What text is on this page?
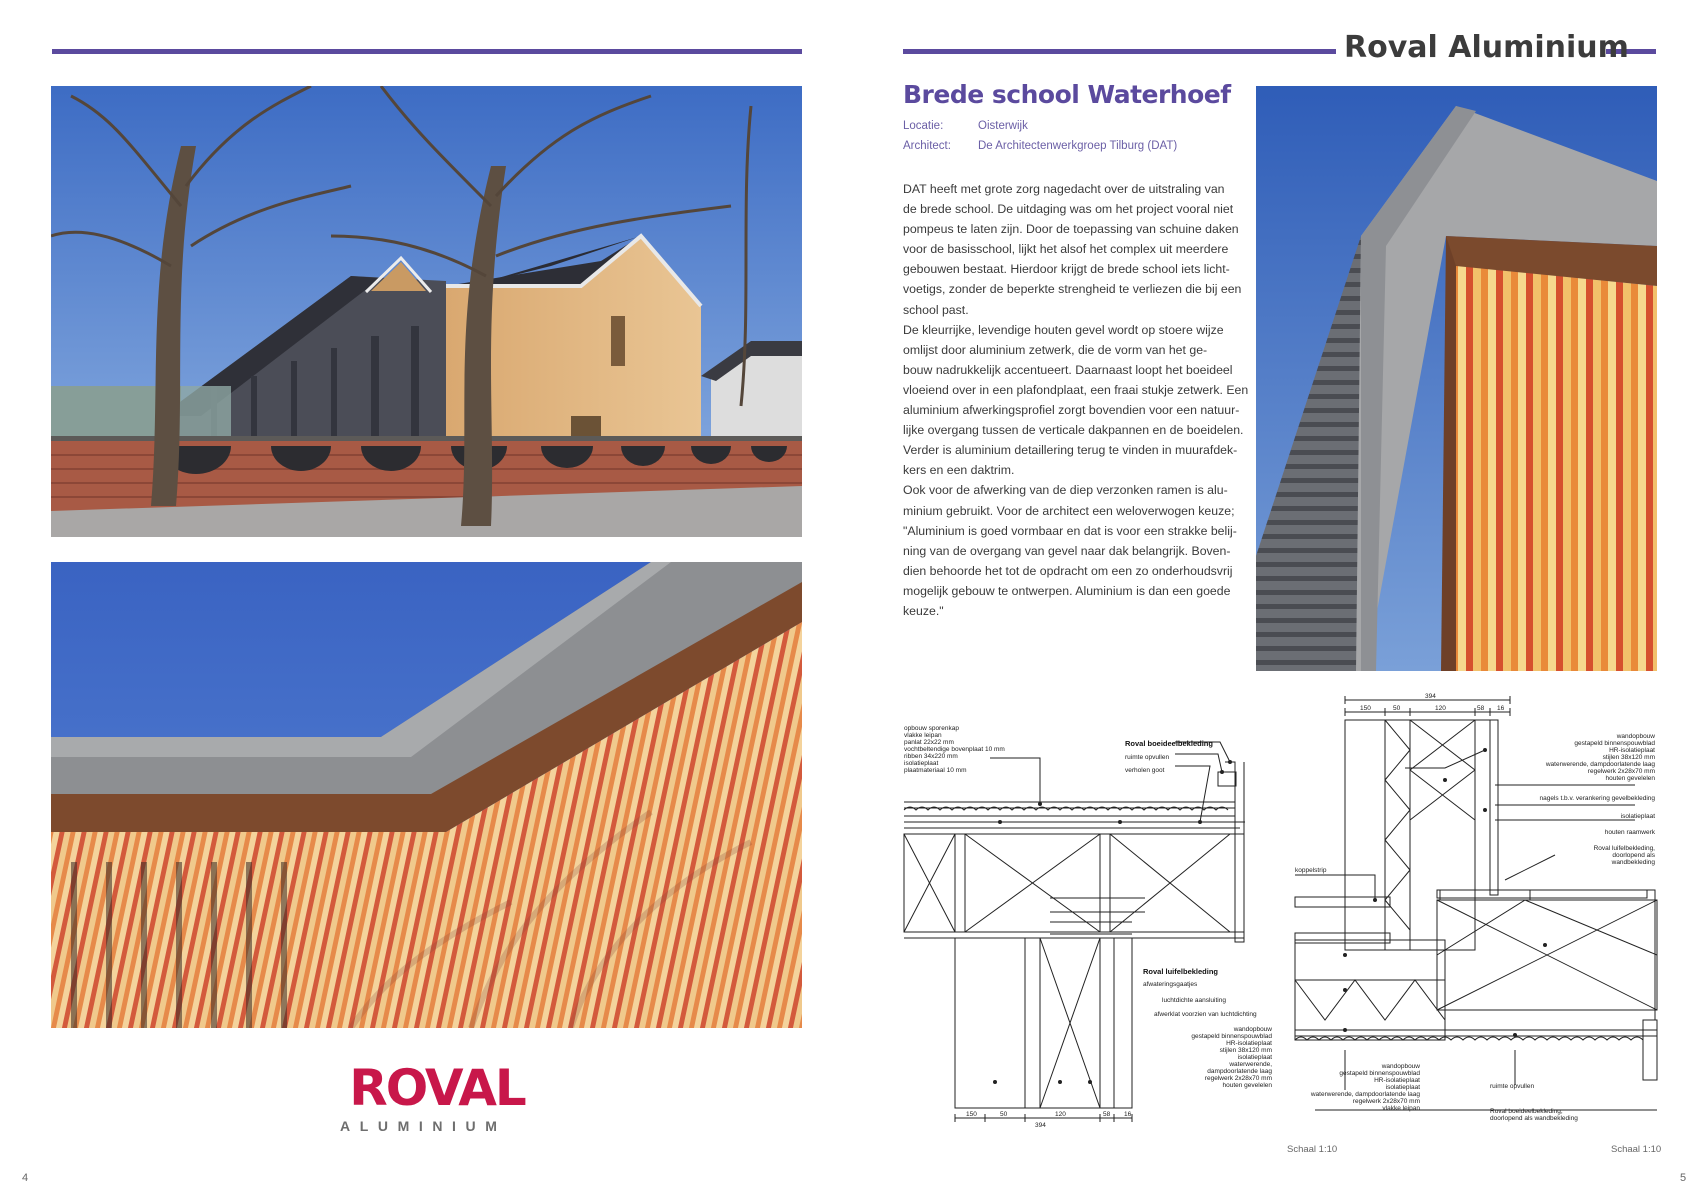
Roval Aluminium
Brede school Waterhoef
Locatie:	Oisterwijk
Architect: De Architectenwerkgroep Tilburg (DAT)
DAT heeft met grote zorg nagedacht over de uitstraling van
de brede school. De uitdaging was om het project vooral niet
pompeus te laten zijn. Door de toepassing van schuine daken
voor de basisschool, lijkt het alsof het complex uit meerdere
gebouwen bestaat. Hierdoor krijgt de brede school iets licht-
voetigs, zonder de beperkte strengheid te verliezen die bij een
school past.
De kleurrijke, levendige houten gevel wordt op stoere wijze
omlijst door aluminium zetwerk, die de vorm van het ge-
bouw nadrukkelijk accentueert. Daarnaast loopt het boeideel
vloeiend over in een plafondplaat, een fraai stukje zetwerk. Een
aluminium afwerkingsprofiel zorgt bovendien voor een natuur-
lijke overgang tussen de verticale dakpannen en de boeidelen.
Verder is aluminium detaillering terug te vinden in muurafdek-
kers en een daktrim.
Ook voor de afwerking van de diep verzonken ramen is alu-
minium gebruikt. Voor de architect een weloverwogen keuze;
"Aluminium is goed vormbaar en dat is voor een strakke belij-
ning van de overgang van gevel naar dak belangrijk. Boven-
dien behoorde het tot de opdracht om een zo onderhoudsvrij
mogelijk gebouw te ontwerpen. Aluminium is dan een goede
keuze."
ROVAL
ALUMINIUM
opbouw sporenkap
vlakke leipan
panlat 22x22 mm
vochtbeltendige bovenplaat 10 mm
ribben 34x220 mm
isolatieplaat
plaatmateriaal 10 mm
Roval boeideelbekleding
ruimte opvullen
verholen goot
Roval luifelbekleding
afwateringsgaatjes
luchtdichte aansluiting
afwerklat voorzien van luchtdichting
wandopbouw
gestapeld binnenspouwblad
HR-isolatieplaat
stijlen 38x120 mm
isolatieplaat
waterwerende,
dampdoorlatende laag
regelwerk 2x28x70 mm
houten gevelelen
150	50	120	58 16
394
394
150	50	120	58 16
wandopbouw
gestapeld binnenspouwblad
HR-isolatieplaat
stijlen 38x120 mm
waterwerende, dampdoorlatende laag
regelwerk 2x28x70 mm
houten gevelelen
nagels t.b.v. verankering gevelbekleding
isolatieplaat
houten raamwerk
Roval luifelbekleding,
doorlopend als
wandbekleding
koppelstrip
wandopbouw
gestapeld binnenspouwblad
HR-isolatieplaat
isolatieplaat
waterwerende, dampdoorlatende laag
regelwerk 2x28x70 mm
vlakke leipan
ruimte opvullen
Roval boeideelbekleding,
doorlopend als wandbekleding
Schaal 1:10	Schaal 1:10
4	5
